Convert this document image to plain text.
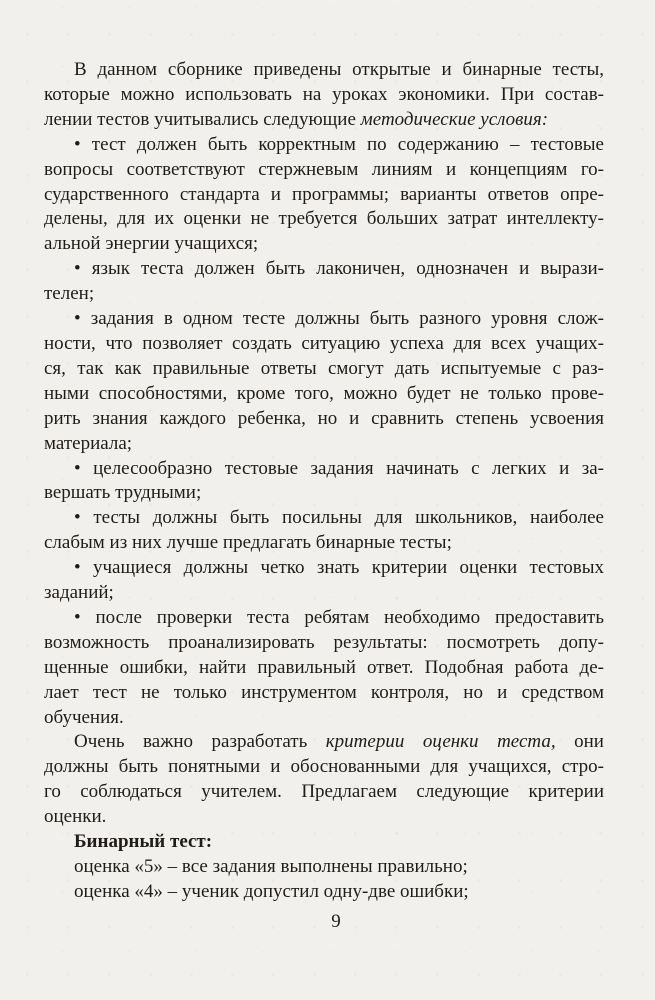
В данном сборнике приведены открытые и бинарные тесты,
которые можно использовать на уроках экономики. При состав-
лении тестов учитывались следующие методические условия:
• тест должен быть корректным по содержанию – тестовые
вопросы соответствуют стержневым линиям и концепциям го-
сударственного стандарта и программы; варианты ответов опре-
делены, для их оценки не требуется больших затрат интеллекту-
альной энергии учащихся;
• язык теста должен быть лаконичен, однозначен и вырази-
телен;
• задания в одном тесте должны быть разного уровня слож-
ности, что позволяет создать ситуацию успеха для всех учащих-
ся, так как правильные ответы смогут дать испытуемые с раз-
ными способностями, кроме того, можно будет не только прове-
рить знания каждого ребенка, но и сравнить степень усвоения
материала;
• целесообразно тестовые задания начинать с легких и за-
вершать трудными;
• тесты должны быть посильны для школьников, наиболее
слабым из них лучше предлагать бинарные тесты;
• учащиеся должны четко знать критерии оценки тестовых
заданий;
• после проверки теста ребятам необходимо предоставить
возможность проанализировать результаты: посмотреть допу-
щенные ошибки, найти правильный ответ. Подобная работа де-
лает тест не только инструментом контроля, но и средством
обучения.
Очень важно разработать критерии оценки теста, они
должны быть понятными и обоснованными для учащихся, стро-
го соблюдаться учителем. Предлагаем следующие критерии
оценки.
Бинарный тест:
оценка «5» – все задания выполнены правильно;
оценка «4» – ученик допустил одну-две ошибки;
9
